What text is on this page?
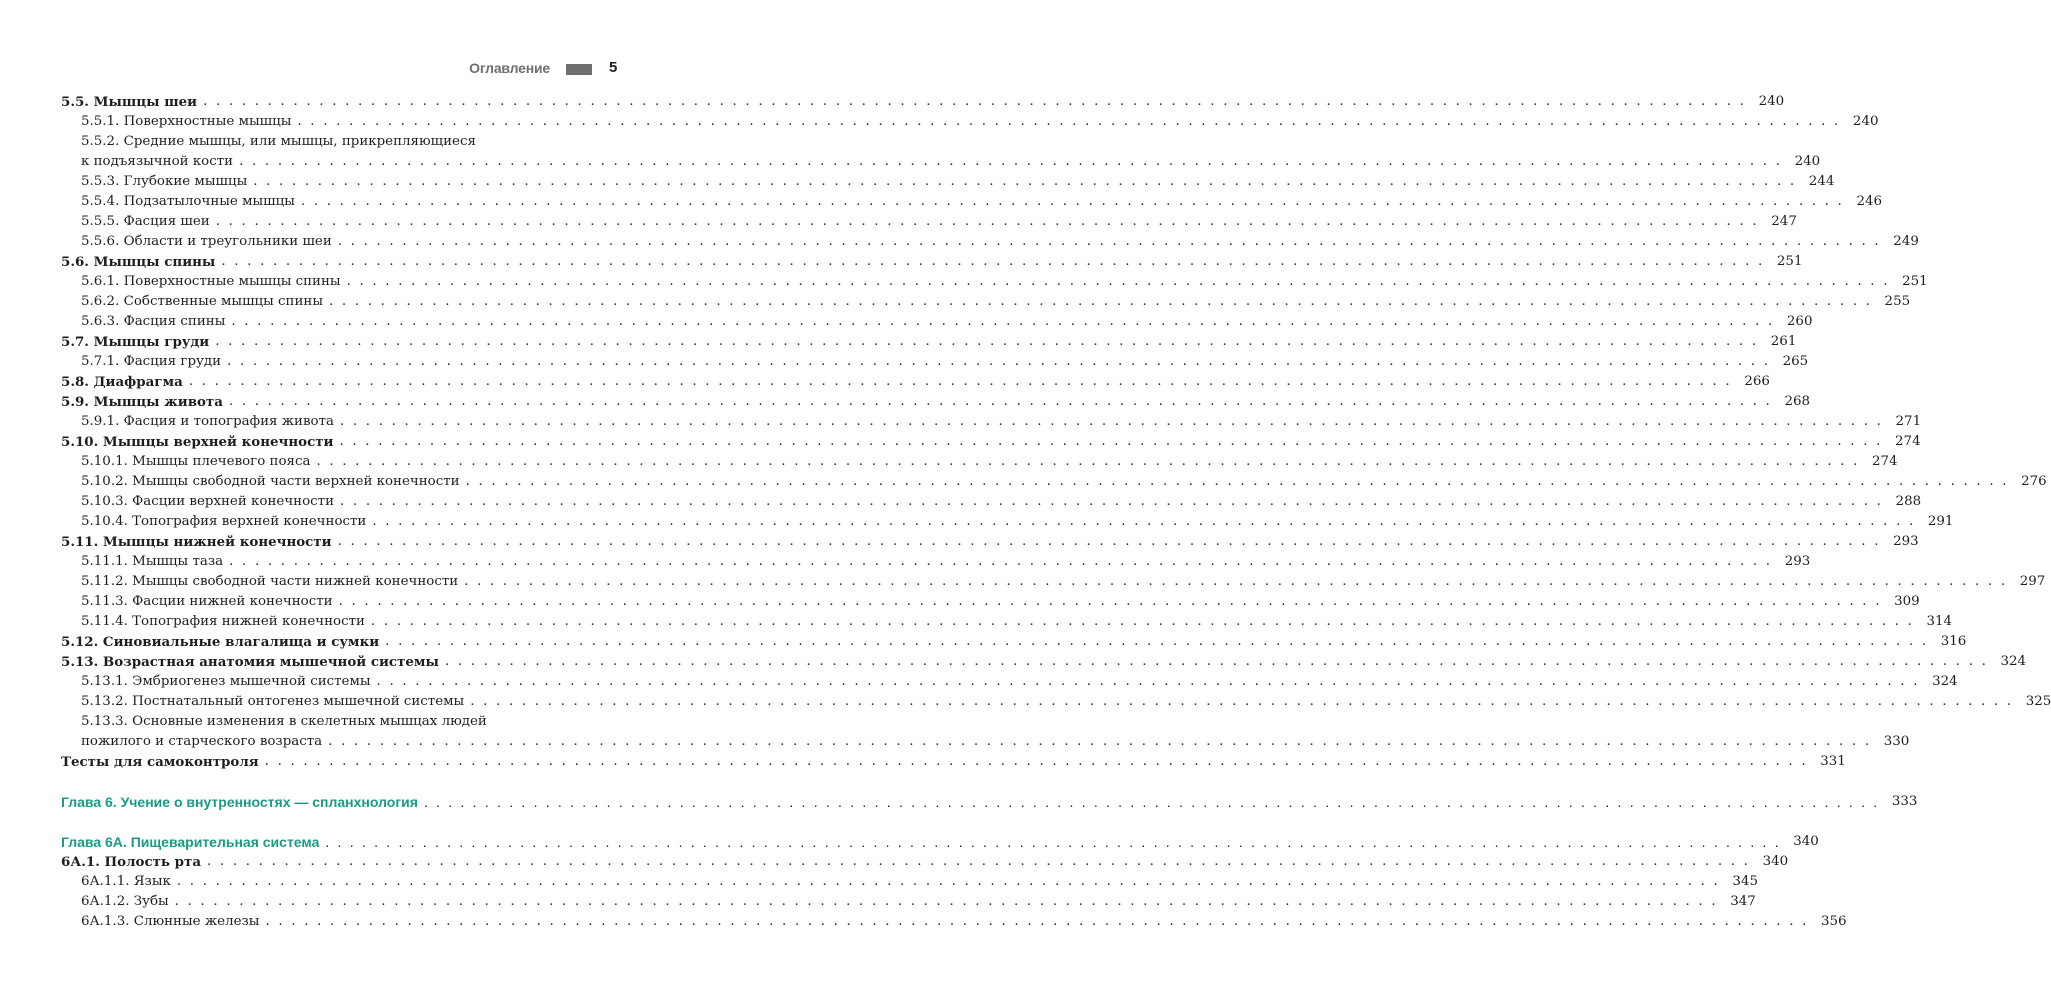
Оглавление	5
5.5. Мышцы шеи . . . . . . . . . . . . . . . . . . . . . . . . . . . . . . . . . . . . . . . . . . . . . . . . . . . . . . . . . . . . . . . . . . . . . . . . . . . . . . . . . . . . . . . . . . . . . . . . . . . . . . . . . . . . . . . . . . . . . . . . 240
5.5.1. Поверхностные мышцы . . . . . . . . . . . . . . . . . . . . . . . . . . . . . . . . . . . . . . . . . . . . . . . . . . . . . . . . . . . . . . . . . . . . . . . . . . . . . . . . . . . . . . . . . . . . . . . . . . . . . . . . . . . . . . . . . . . . . . . . 240
5.5.2. Средние мышцы, или мышцы, прикрепляющиеся
к подъязычной кости . . . . . . . . . . . . . . . . . . . . . . . . . . . . . . . . . . . . . . . . . . . . . . . . . . . . . . . . . . . . . . . . . . . . . . . . . . . . . . . . . . . . . . . . . . . . . . . . . . . . . . . . . . . . . . . . . . . . . . . . 240
5.5.3. Глубокие мышцы . . . . . . . . . . . . . . . . . . . . . . . . . . . . . . . . . . . . . . . . . . . . . . . . . . . . . . . . . . . . . . . . . . . . . . . . . . . . . . . . . . . . . . . . . . . . . . . . . . . . . . . . . . . . . . . . . . . . . . . . 244
5.5.4. Подзатылочные мышцы . . . . . . . . . . . . . . . . . . . . . . . . . . . . . . . . . . . . . . . . . . . . . . . . . . . . . . . . . . . . . . . . . . . . . . . . . . . . . . . . . . . . . . . . . . . . . . . . . . . . . . . . . . . . . . . . . . . . . . . . 246
5.5.5. Фасция шеи . . . . . . . . . . . . . . . . . . . . . . . . . . . . . . . . . . . . . . . . . . . . . . . . . . . . . . . . . . . . . . . . . . . . . . . . . . . . . . . . . . . . . . . . . . . . . . . . . . . . . . . . . . . . . . . . . . . . . . . . 247
5.5.6. Области и треугольники шеи . . . . . . . . . . . . . . . . . . . . . . . . . . . . . . . . . . . . . . . . . . . . . . . . . . . . . . . . . . . . . . . . . . . . . . . . . . . . . . . . . . . . . . . . . . . . . . . . . . . . . . . . . . . . . . . . . . . . . . . . 249
5.6. Мышцы спины . . . . . . . . . . . . . . . . . . . . . . . . . . . . . . . . . . . . . . . . . . . . . . . . . . . . . . . . . . . . . . . . . . . . . . . . . . . . . . . . . . . . . . . . . . . . . . . . . . . . . . . . . . . . . . . . . . . . . . . . 251
5.6.1. Поверхностные мышцы спины . . . . . . . . . . . . . . . . . . . . . . . . . . . . . . . . . . . . . . . . . . . . . . . . . . . . . . . . . . . . . . . . . . . . . . . . . . . . . . . . . . . . . . . . . . . . . . . . . . . . . . . . . . . . . . . . . . . . . . . . 251
5.6.2. Собственные мышцы спины . . . . . . . . . . . . . . . . . . . . . . . . . . . . . . . . . . . . . . . . . . . . . . . . . . . . . . . . . . . . . . . . . . . . . . . . . . . . . . . . . . . . . . . . . . . . . . . . . . . . . . . . . . . . . . . . . . . . . . . . 255
5.6.3. Фасция спины . . . . . . . . . . . . . . . . . . . . . . . . . . . . . . . . . . . . . . . . . . . . . . . . . . . . . . . . . . . . . . . . . . . . . . . . . . . . . . . . . . . . . . . . . . . . . . . . . . . . . . . . . . . . . . . . . . . . . . . . 260
5.7. Мышцы груди . . . . . . . . . . . . . . . . . . . . . . . . . . . . . . . . . . . . . . . . . . . . . . . . . . . . . . . . . . . . . . . . . . . . . . . . . . . . . . . . . . . . . . . . . . . . . . . . . . . . . . . . . . . . . . . . . . . . . . . . 261
5.7.1. Фасция груди . . . . . . . . . . . . . . . . . . . . . . . . . . . . . . . . . . . . . . . . . . . . . . . . . . . . . . . . . . . . . . . . . . . . . . . . . . . . . . . . . . . . . . . . . . . . . . . . . . . . . . . . . . . . . . . . . . . . . . . . 265
5.8. Диафрагма . . . . . . . . . . . . . . . . . . . . . . . . . . . . . . . . . . . . . . . . . . . . . . . . . . . . . . . . . . . . . . . . . . . . . . . . . . . . . . . . . . . . . . . . . . . . . . . . . . . . . . . . . . . . . . . . . . . . . . . . 266
5.9. Мышцы живота . . . . . . . . . . . . . . . . . . . . . . . . . . . . . . . . . . . . . . . . . . . . . . . . . . . . . . . . . . . . . . . . . . . . . . . . . . . . . . . . . . . . . . . . . . . . . . . . . . . . . . . . . . . . . . . . . . . . . . . . 268
5.9.1. Фасция и топография живота . . . . . . . . . . . . . . . . . . . . . . . . . . . . . . . . . . . . . . . . . . . . . . . . . . . . . . . . . . . . . . . . . . . . . . . . . . . . . . . . . . . . . . . . . . . . . . . . . . . . . . . . . . . . . . . . . . . . . . . . 271
5.10. Мышцы верхней конечности . . . . . . . . . . . . . . . . . . . . . . . . . . . . . . . . . . . . . . . . . . . . . . . . . . . . . . . . . . . . . . . . . . . . . . . . . . . . . . . . . . . . . . . . . . . . . . . . . . . . . . . . . . . . . . . . . . . . . . . . 274
5.10.1. Мышцы плечевого пояса . . . . . . . . . . . . . . . . . . . . . . . . . . . . . . . . . . . . . . . . . . . . . . . . . . . . . . . . . . . . . . . . . . . . . . . . . . . . . . . . . . . . . . . . . . . . . . . . . . . . . . . . . . . . . . . . . . . . . . . . 274
5.10.2. Мышцы свободной части верхней конечности . . . . . . . . . . . . . . . . . . . . . . . . . . . . . . . . . . . . . . . . . . . . . . . . . . . . . . . . . . . . . . . . . . . . . . . . . . . . . . . . . . . . . . . . . . . . . . . . . . . . . . . . . . . . . . . . . . . . . . . . 276
5.10.3. Фасции верхней конечности . . . . . . . . . . . . . . . . . . . . . . . . . . . . . . . . . . . . . . . . . . . . . . . . . . . . . . . . . . . . . . . . . . . . . . . . . . . . . . . . . . . . . . . . . . . . . . . . . . . . . . . . . . . . . . . . . . . . . . . . 288
5.10.4. Топография верхней конечности . . . . . . . . . . . . . . . . . . . . . . . . . . . . . . . . . . . . . . . . . . . . . . . . . . . . . . . . . . . . . . . . . . . . . . . . . . . . . . . . . . . . . . . . . . . . . . . . . . . . . . . . . . . . . . . . . . . . . . . . 291
5.11. Мышцы нижней конечности . . . . . . . . . . . . . . . . . . . . . . . . . . . . . . . . . . . . . . . . . . . . . . . . . . . . . . . . . . . . . . . . . . . . . . . . . . . . . . . . . . . . . . . . . . . . . . . . . . . . . . . . . . . . . . . . . . . . . . . . 293
5.11.1. Мышцы таза . . . . . . . . . . . . . . . . . . . . . . . . . . . . . . . . . . . . . . . . . . . . . . . . . . . . . . . . . . . . . . . . . . . . . . . . . . . . . . . . . . . . . . . . . . . . . . . . . . . . . . . . . . . . . . . . . . . . . . . . 293
5.11.2. Мышцы свободной части нижней конечности . . . . . . . . . . . . . . . . . . . . . . . . . . . . . . . . . . . . . . . . . . . . . . . . . . . . . . . . . . . . . . . . . . . . . . . . . . . . . . . . . . . . . . . . . . . . . . . . . . . . . . . . . . . . . . . . . . . . . . . . 297
5.11.3. Фасции нижней конечности . . . . . . . . . . . . . . . . . . . . . . . . . . . . . . . . . . . . . . . . . . . . . . . . . . . . . . . . . . . . . . . . . . . . . . . . . . . . . . . . . . . . . . . . . . . . . . . . . . . . . . . . . . . . . . . . . . . . . . . . 309
5.11.4. Топография нижней конечности . . . . . . . . . . . . . . . . . . . . . . . . . . . . . . . . . . . . . . . . . . . . . . . . . . . . . . . . . . . . . . . . . . . . . . . . . . . . . . . . . . . . . . . . . . . . . . . . . . . . . . . . . . . . . . . . . . . . . . . . 314
5.12. Синовиальные влагалища и сумки . . . . . . . . . . . . . . . . . . . . . . . . . . . . . . . . . . . . . . . . . . . . . . . . . . . . . . . . . . . . . . . . . . . . . . . . . . . . . . . . . . . . . . . . . . . . . . . . . . . . . . . . . . . . . . . . . . . . . . . . 316
5.13. Возрастная анатомия мышечной системы . . . . . . . . . . . . . . . . . . . . . . . . . . . . . . . . . . . . . . . . . . . . . . . . . . . . . . . . . . . . . . . . . . . . . . . . . . . . . . . . . . . . . . . . . . . . . . . . . . . . . . . . . . . . . . . . . . . . . . . . 324
5.13.1. Эмбриогенез мышечной системы . . . . . . . . . . . . . . . . . . . . . . . . . . . . . . . . . . . . . . . . . . . . . . . . . . . . . . . . . . . . . . . . . . . . . . . . . . . . . . . . . . . . . . . . . . . . . . . . . . . . . . . . . . . . . . . . . . . . . . . . 324
5.13.2. Постнатальный онтогенез мышечной системы . . . . . . . . . . . . . . . . . . . . . . . . . . . . . . . . . . . . . . . . . . . . . . . . . . . . . . . . . . . . . . . . . . . . . . . . . . . . . . . . . . . . . . . . . . . . . . . . . . . . . . . . . . . . . . . . . . . . . . . . 325
5.13.3. Основные изменения в скелетных мышцах людей
пожилого и старческого возраста . . . . . . . . . . . . . . . . . . . . . . . . . . . . . . . . . . . . . . . . . . . . . . . . . . . . . . . . . . . . . . . . . . . . . . . . . . . . . . . . . . . . . . . . . . . . . . . . . . . . . . . . . . . . . . . . . . . . . . . . 330
Тесты для самоконтроля . . . . . . . . . . . . . . . . . . . . . . . . . . . . . . . . . . . . . . . . . . . . . . . . . . . . . . . . . . . . . . . . . . . . . . . . . . . . . . . . . . . . . . . . . . . . . . . . . . . . . . . . . . . . . . . . . . . . . . . . 331
Глава 6. Учение о внутренностях — спланхнология . . . . . . . . . . . . . . . . . . . . . . . . . . . . . . . . . . . . . . . . . . . . . . . . . . . . . . . . . . . . . . . . . . . . . . . . . . . . . . . . . . . . . . . . . . . . . . . . . . . . . . . . . . . . . . . . . . . . . . . . 333
Глава 6А. Пищеварительная система . . . . . . . . . . . . . . . . . . . . . . . . . . . . . . . . . . . . . . . . . . . . . . . . . . . . . . . . . . . . . . . . . . . . . . . . . . . . . . . . . . . . . . . . . . . . . . . . . . . . . . . . . . . . . . . . . . . . . . . . 340
6А.1. Полость рта . . . . . . . . . . . . . . . . . . . . . . . . . . . . . . . . . . . . . . . . . . . . . . . . . . . . . . . . . . . . . . . . . . . . . . . . . . . . . . . . . . . . . . . . . . . . . . . . . . . . . . . . . . . . . . . . . . . . . . . . 340
6А.1.1. Язык . . . . . . . . . . . . . . . . . . . . . . . . . . . . . . . . . . . . . . . . . . . . . . . . . . . . . . . . . . . . . . . . . . . . . . . . . . . . . . . . . . . . . . . . . . . . . . . . . . . . . . . . . . . . . . . . . . . . . . . . 345
6А.1.2. Зубы . . . . . . . . . . . . . . . . . . . . . . . . . . . . . . . . . . . . . . . . . . . . . . . . . . . . . . . . . . . . . . . . . . . . . . . . . . . . . . . . . . . . . . . . . . . . . . . . . . . . . . . . . . . . . . . . . . . . . . . . 347
6А.1.3. Слюнные железы . . . . . . . . . . . . . . . . . . . . . . . . . . . . . . . . . . . . . . . . . . . . . . . . . . . . . . . . . . . . . . . . . . . . . . . . . . . . . . . . . . . . . . . . . . . . . . . . . . . . . . . . . . . . . . . . . . . . . . . . 356
